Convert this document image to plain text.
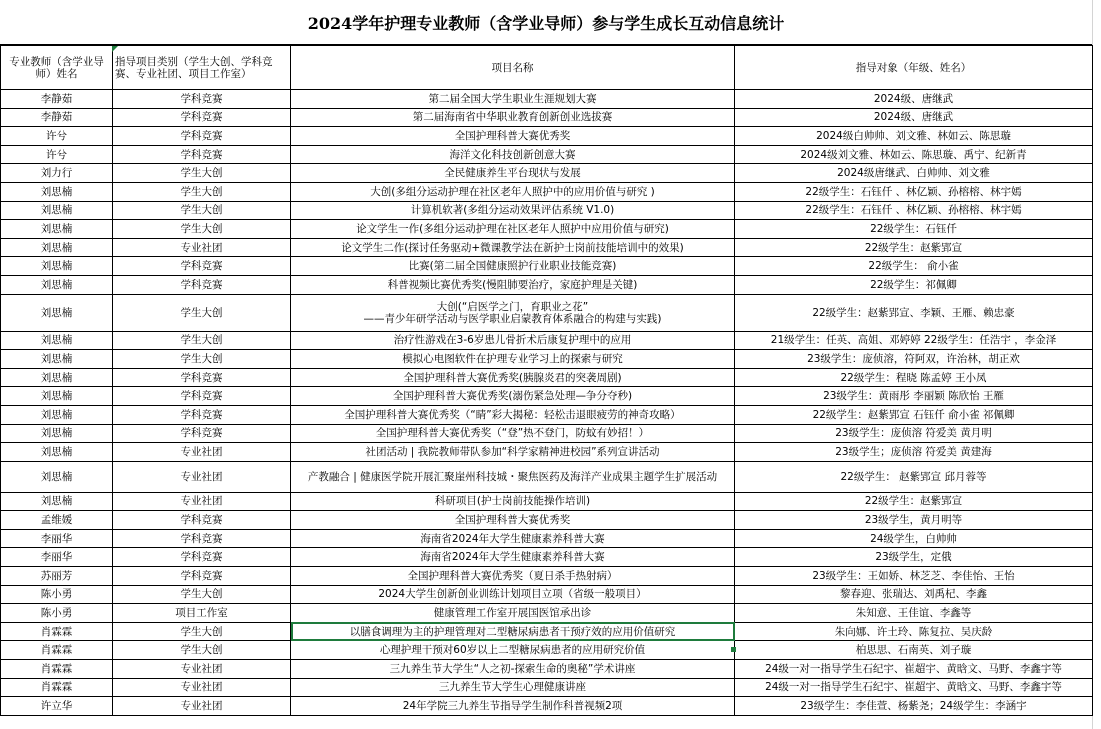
2024学年护理专业教师（含学业导师）参与学生成长互动信息统计
专业教师（含学业导师）姓名	指导项目类别（学生大创、学科竞赛、专业社团、项目工作室）	项目名称	指导对象（年级、姓名）
李静茹	学科竞赛	第二届全国大学生职业生涯规划大赛	2024级、唐继武
李静茹	学科竞赛	第二届海南省中华职业教育创新创业选拔赛	2024级、唐继武
许兮	学科竞赛	全国护理科普大赛优秀奖	2024级白帅帅、刘文雅、林如云、陈思璇
许兮	学科竞赛	海洋文化科技创新创意大赛	2024级刘文雅、林如云、陈思璇、禹宁、纪新青
刘力行	学生大创	全民健康养生平台现状与发展	2024级唐继武、白帅帅、刘文雅
刘思楠	学生大创	大创(多组分运动护理在社区老年人照护中的应用价值与研究 )	22级学生：石钰仟 、林亿颖、孙榕榕、林宇嫣
刘思楠	学生大创	计算机软著(多组分运动效果评估系统 V1.0)	22级学生：石钰仟 、林亿颖、孙榕榕、林宇嫣
刘思楠	学生大创	论文学生一作(多组分运动护理在社区老年人照护中应用价值与研究)	22级学生：石钰仟
刘思楠	专业社团	论文学生二作(探讨任务驱动+微课教学法在新护士岗前技能培训中的效果)	22级学生：赵紫郢宣
刘思楠	学科竞赛	比赛(第二届全国健康照护行业职业技能竞赛)	22级学生： 俞小雀
刘思楠	学科竞赛	科普视频比赛优秀奖(慢阻肺要治疗，家庭护理是关键)	22级学生：祁佩卿
刘思楠	学生大创	大创(“启医学之门，育职业之花”
——青少年研学活动与医学职业启蒙教育体系融合的构建与实践)	22级学生：赵紫郢宣、李颖、王雁、赖忠豪
刘思楠	学生大创	治疗性游戏在3-6岁患儿骨折术后康复护理中的应用	21级学生：任英、高姐、邓婷婷 22级学生：任浩宇 ，李金泽
刘思楠	学生大创	模拟心电图软件在护理专业学习上的探索与研究	23级学生：庞侦溶，符阿双，许治林，胡正欢
刘思楠	学科竞赛	全国护理科普大赛优秀奖(胰腺炎君的突袭周剧)	22级学生：程晓 陈孟婷 王小凤
刘思楠	学科竞赛	全国护理科普大赛优秀奖(溺伤紧急处理—争分夺秒)	23级学生：黄雨彤 李丽颖 陈欣怡 王雁
刘思楠	学科竞赛	全国护理科普大赛优秀奖（“睛”彩大揭秘：轻松击退眼疲劳的神奇攻略）	22级学生：赵紫郢宣 石钰仟 俞小雀 祁佩卿
刘思楠	学科竞赛	全国护理科普大赛优秀奖（“登”热不登门，防蚊有妙招！）	23级学生：庞侦溶 符爱美 黄月明
刘思楠	专业社团	社团活动 | 我院教师带队参加“科学家精神进校园”系列宣讲活动	23级学生；庞侦溶 符爱美 黄建海
刘思楠	专业社团	产教融合 | 健康医学院开展汇聚崖州科技城・聚焦医药及海洋产业成果主题学生扩展活动	22级学生： 赵紫郢宣 邱月蓉等
刘思楠	专业社团	科研项目(护士岗前技能操作培训)	22级学生：赵紫郢宣
孟维媛	学科竞赛	全国护理科普大赛优秀奖	23级学生，黄月明等
李丽华	学科竞赛	海南省2024年大学生健康素养科普大赛	24级学生，白帅帅
李丽华	学科竞赛	海南省2024年大学生健康素养科普大赛	23级学生，定俄
苏丽芳	学科竞赛	全国护理科普大赛优秀奖（夏日杀手热射病）	23级学生：王如娇、林芝芝、李佳怡、王怡
陈小勇	学生大创	2024大学生创新创业训练计划项目立项（省级一般项目）	黎春迎、张瑞达、刘禹杞、李鑫
陈小勇	项目工作室	健康管理工作室开展国医馆承出诊	朱知意、王佳谊、李鑫等
肖霖霖	学生大创	以膳食调理为主的护理管理对二型糖尿病患者干预疗效的应用价值研究	朱向娜、许土玲、陈复拉、吴庆龄
肖霖霖	学生大创	心理护理干预对60岁以上二型糖尿病患者的应用研究价值	柏思思、石南英、刘子璇
肖霖霖	专业社团	三九养生节大学生“人之初-探索生命的奥秘”学术讲座	24级一对一指导学生石纪宇、崔超宇、黄晗文、马野、李鑫宇等
肖霖霖	专业社团	三九养生节大学生心理健康讲座	24级一对一指导学生石纪宇、崔超宇、黄晗文、马野、李鑫宇等
许立华	专业社团	24年学院三九养生节指导学生制作科普视频2项	23级学生：李佳萱、杨紫尧；24级学生：李涵宇
